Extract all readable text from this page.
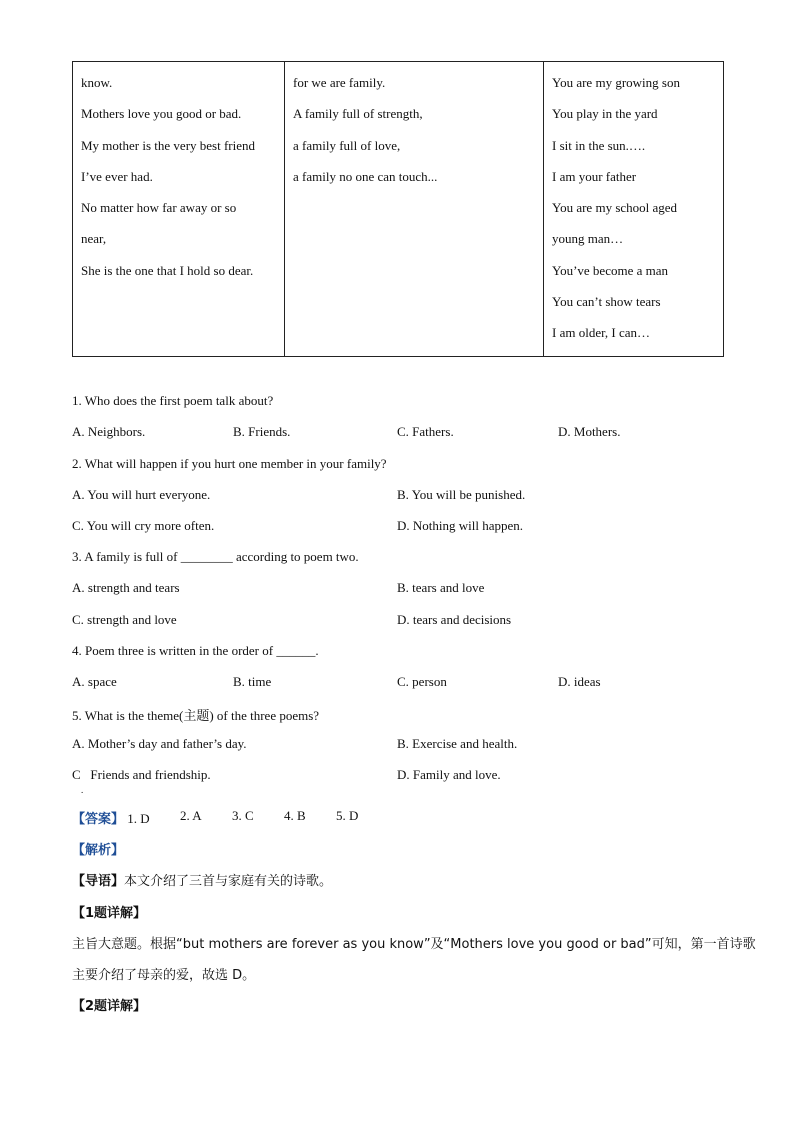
know.
Mothers love you good or bad.
My mother is the very best friend
I’ve ever had.
No matter how far away or so
near,
She is the one that I hold so dear.

for we are family.
A family full of strength,
a family full of love,
a family no one can touch...

You are my growing son
You play in the yard
I sit in the sun.….
I am your father
You are my school aged
young man…
You’ve become a man
You can’t show tears
I am older, I can…
1. Who does the first poem talk about?
A. Neighbors.	B. Friends.	C. Fathers.	D. Mothers.
2. What will happen if you hurt one member in your family?
A. You will hurt everyone.	B. You will be punished.
C. You will cry more often.	D. Nothing will happen.
3. A family is full of ________ according to poem two.
A. strength and tears	B. tears and love
C. strength and love	D. tears and decisions
4. Poem three is written in the order of ______.
A. space	B. time	C. person	D. ideas
5. What is the theme(主题) of the three poems?
A. Mother’s day and father’s day.	B. Exercise and health.
C   Friends and friendship.	D. Family and love.
.
【答案】 1. D 2. A 3. C 4. B 5. D
【解析】
【导语】本文介绍了三首与家庭有关的诗歌。
【1题详解】
主旨大意题。根据“but mothers are forever as you know”及“Mothers love you good or bad”可知，第一首诗歌
主要介绍了母亲的爱，故选 D。
【2题详解】
